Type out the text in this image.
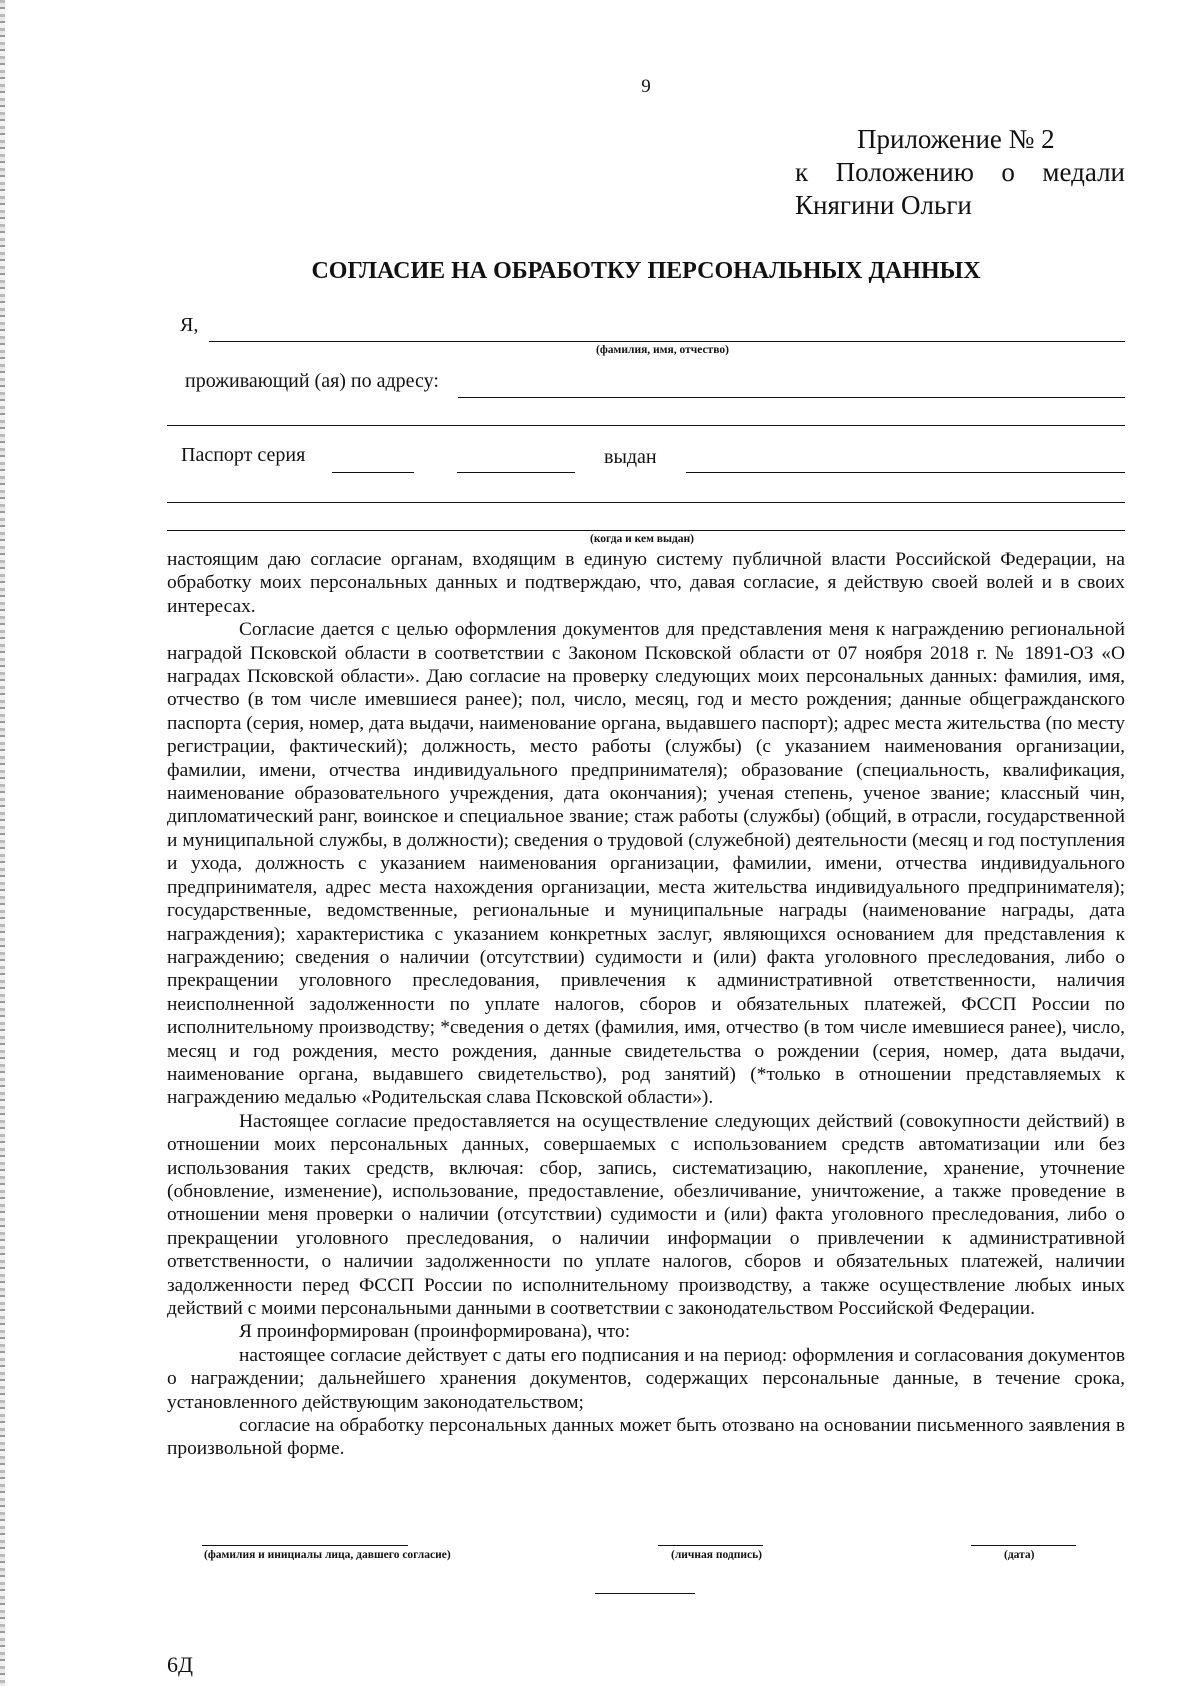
9
Приложение № 2
к Положению о медали
Княгини Ольги
СОГЛАСИЕ НА ОБРАБОТКУ ПЕРСОНАЛЬНЫХ ДАННЫХ
Я,
(фамилия, имя, отчество)
проживающий (ая) по адресу:
Паспорт серия	выдан
(когда и кем выдан)

настоящим даю согласие органам, входящим в единую систему публичной власти Российской Федерации, на обработку моих персональных данных и подтверждаю, что, давая согласие, я действую своей волей и в своих интересах.

Согласие дается с целью оформления документов для представления меня к награждению региональной наградой Псковской области в соответствии с Законом Псковской области от 07 ноября 2018 г. № 1891-ОЗ «О наградах Псковской области». Даю согласие на проверку следующих моих персональных данных: фамилия, имя, отчество (в том числе имевшиеся ранее); пол, число, месяц, год и место рождения; данные общегражданского паспорта (серия, номер, дата выдачи, наименование органа, выдавшего паспорт); адрес места жительства (по месту регистрации, фактический); должность, место работы (службы) (с указанием наименования организации, фамилии, имени, отчества индивидуального предпринимателя); образование (специальность, квалификация, наименование образовательного учреждения, дата окончания); ученая степень, ученое звание; классный чин, дипломатический ранг, воинское и специальное звание; стаж работы (службы) (общий, в отрасли, государственной и муниципальной службы, в должности); сведения о трудовой (служебной) деятельности (месяц и год поступления и ухода, должность с указанием наименования организации, фамилии, имени, отчества индивидуального предпринимателя, адрес места нахождения организации, места жительства индивидуального предпринимателя); государственные, ведомственные, региональные и муниципальные награды (наименование награды, дата награждения); характеристика с указанием конкретных заслуг, являющихся основанием для представления к награждению; сведения о наличии (отсутствии) судимости и (или) факта уголовного преследования, либо о прекращении уголовного преследования, привлечения к административной ответственности, наличия неисполненной задолженности по уплате налогов, сборов и обязательных платежей, ФССП России по исполнительному производству; *сведения о детях (фамилия, имя, отчество (в том числе имевшиеся ранее), число, месяц и год рождения, место рождения, данные свидетельства о рождении (серия, номер, дата выдачи, наименование органа, выдавшего свидетельство), род занятий) (*только в отношении представляемых к награждению медалью «Родительская слава Псковской области»).

Настоящее согласие предоставляется на осуществление следующих действий (совокупности действий) в отношении моих персональных данных, совершаемых с использованием средств автоматизации или без использования таких средств, включая: сбор, запись, систематизацию, накопление, хранение, уточнение (обновление, изменение), использование, предоставление, обезличивание, уничтожение, а также проведение в отношении меня проверки о наличии (отсутствии) судимости и (или) факта уголовного преследования, либо о прекращении уголовного преследования, о наличии информации о привлечении к административной ответственности, о наличии задолженности по уплате налогов, сборов и обязательных платежей, наличии задолженности перед ФССП России по исполнительному производству, а также осуществление любых иных действий с моими персональными данными в соответствии с законодательством Российской Федерации.

Я проинформирован (проинформирована), что:

настоящее согласие действует с даты его подписания и на период: оформления и согласования документов о награждении; дальнейшего хранения документов, содержащих персональные данные, в течение срока, установленного действующим законодательством;

согласие на обработку персональных данных может быть отозвано на основании письменного заявления в произвольной форме.

(фамилия и инициалы лица, давшего согласие)	(личная подпись)	(дата)
6Д
